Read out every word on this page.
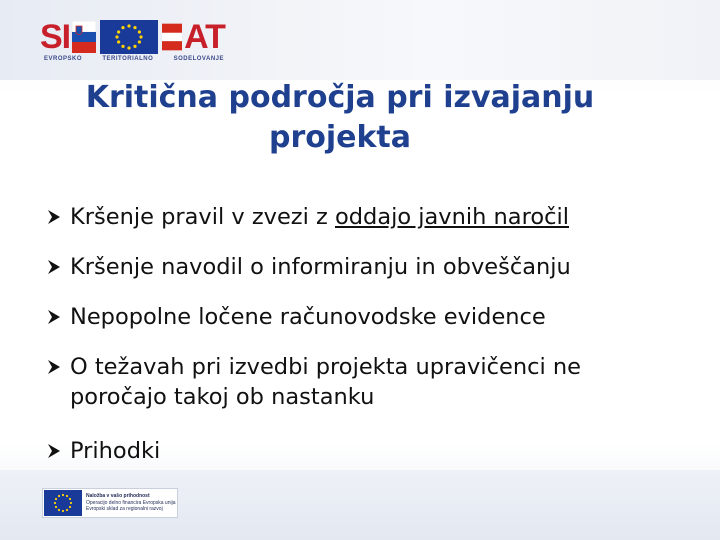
SI	AT
EVROPSKO	TERITORIALNO	SODELOVANJE
Kritična področja pri izvajanju
projekta
Kršenje pravil v zvezi z oddajo javnih naročil
Kršenje navodil o informiranju in obveščanju
Nepopolne ločene računovodske evidence
O težavah pri izvedbi projekta upravičenci ne
poročajo takoj ob nastanku
Prihodki
Naložba v vašo prihodnost
Operacijo delno financira Evropska unija
Evropski sklad za regionalni razvoj
